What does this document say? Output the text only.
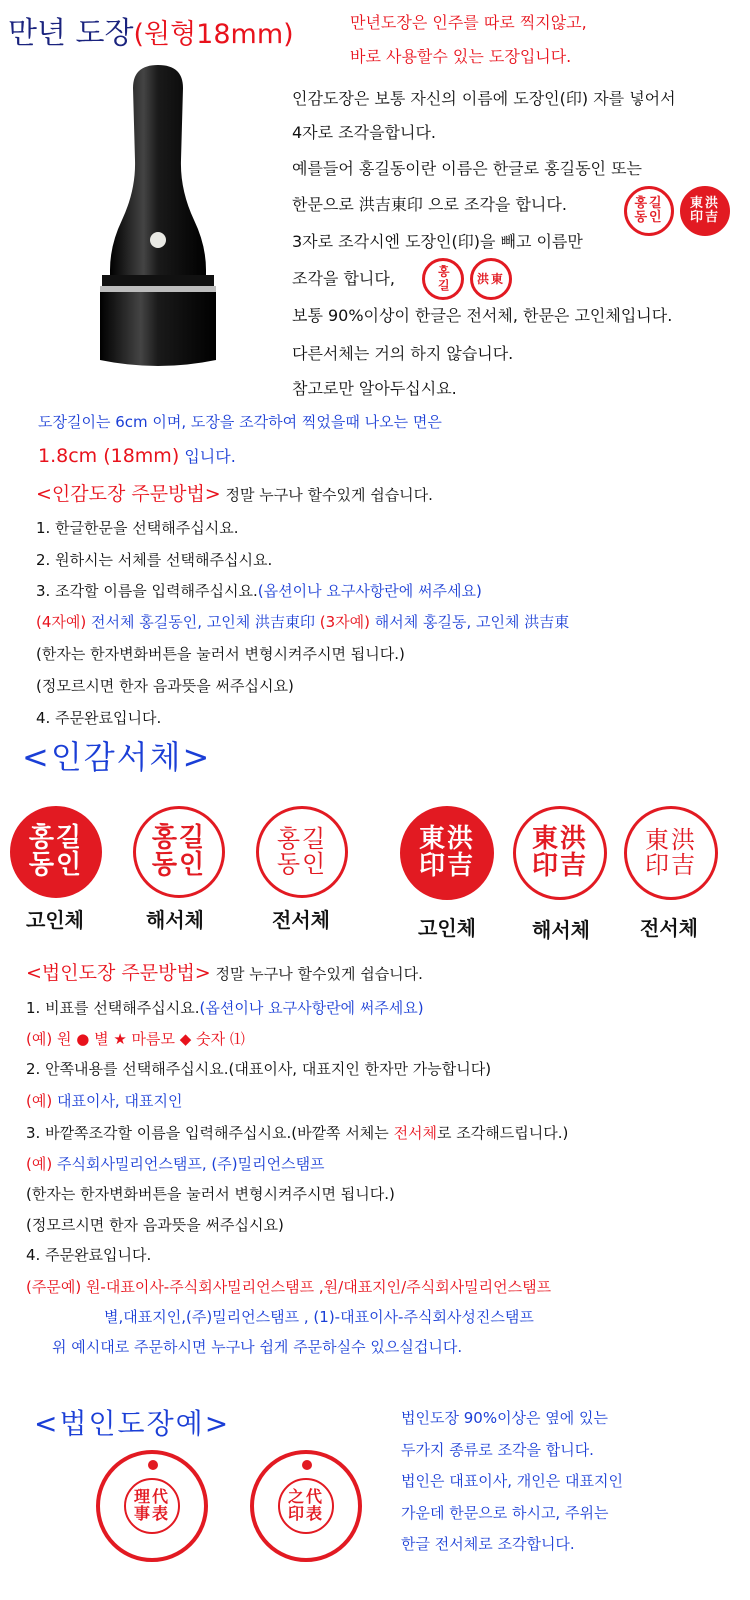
만년 도장(원형18mm)	만년도장은 인주를 따로 찍지않고,
바로 사용할수 있는 도장입니다.
인감도장은 보통 자신의 이름에 도장인(印) 자를 넣어서
4자로 조각을합니다.
예를들어 홍길동이란 이름은 한글로 홍길동인 또는
한문으로 洪吉東印 으로 조각을 합니다.
3자로 조각시엔 도장인(印)을 빼고 이름만
조각을 합니다,
보통 90%이상이 한글은 전서체, 한문은 고인체입니다.
다른서체는 거의 하지 않습니다.
참고로만 알아두십시요.
홍길
동인
東洪
印吉
홍길	洪東
도장길이는 6cm 이며, 도장을 조각하여 찍었을때 나오는 면은
1.8cm (18mm) 입니다.
<인감도장 주문방법> 정말 누구나 할수있게 쉽습니다.
1. 한글한문을 선택해주십시요.
2. 원하시는 서체를 선택해주십시요.
3. 조각할 이름을 입력해주십시요.(옵션이나 요구사항란에 써주세요)
(4자예) 전서체 홍길동인, 고인체 洪吉東印 (3자예) 해서체 홍길동, 고인체 洪吉東
(한자는 한자변화버튼을 눌러서 변형시켜주시면 됩니다.)
(정모르시면 한자 음과뜻을 써주십시요)
4. 주문완료입니다.
<인감서체>
홍길
동인
홍길
동인
홍길
동인
고인체	해서체	전서체
東洪
印吉
東洪
印吉
東洪
印吉
고인체	해서체	전서체
<법인도장 주문방법> 정말 누구나 할수있게 쉽습니다.
1. 비표를 선택해주십시요.(옵션이나 요구사항란에 써주세요)
(예) 원 ● 별 ★ 마름모 ◆ 숫자 ⑴
2. 안쪽내용를 선택해주십시요.(대표이사, 대표지인 한자만 가능합니다)
(예) 대표이사, 대표지인
3. 바깥쪽조각할 이름을 입력해주십시요.(바깥쪽 서체는 전서체로 조각해드립니다.)
(예) 주식회사밀리언스탬프, (주)밀리언스탬프
(한자는 한자변화버튼을 눌러서 변형시켜주시면 됩니다.)
(정모르시면 한자 음과뜻을 써주십시요)
4. 주문완료입니다.
(주문예) 원-대표이사-주식회사밀리언스탬프 ,원/대표지인/주식회사밀리언스탬프
별,대표지인,(주)밀리언스탬프 , (1)-대표이사-주식회사성진스탬프
위 예시대로 주문하시면 누구나 쉽게 주문하실수 있으실겁니다.
<법인도장예>
理代
事表
之代
印表
법인도장 90%이상은 옆에 있는
두가지 종류로 조각을 합니다.
법인은 대표이사, 개인은 대표지인
가운데 한문으로 하시고, 주위는
한글 전서체로 조각합니다.
